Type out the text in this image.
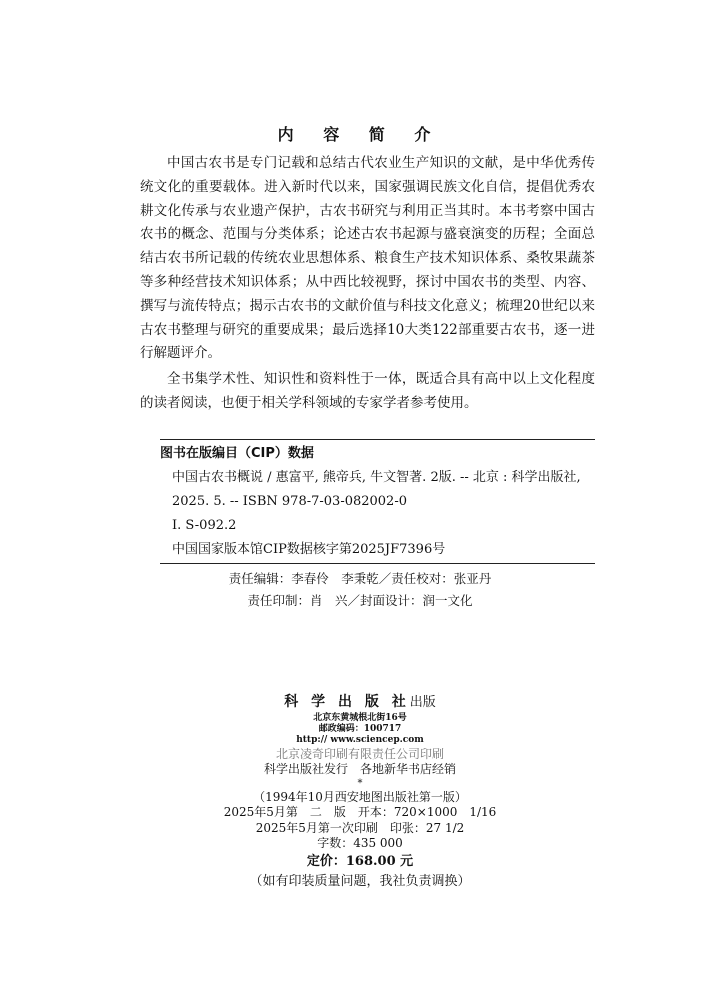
内 容 简 介

中国古农书是专门记载和总结古代农业生产知识的文献，是中华优秀传统文化的重要载体。进入新时代以来，国家强调民族文化自信，提倡优秀农耕文化传承与农业遗产保护，古农书研究与利用正当其时。本书考察中国古农书的概念、范围与分类体系；论述古农书起源与盛衰演变的历程；全面总结古农书所记载的传统农业思想体系、粮食生产技术知识体系、桑牧果蔬茶等多种经营技术知识体系；从中西比较视野，探讨中国农书的类型、内容、撰写与流传特点；揭示古农书的文献价值与科技文化意义；梳理20世纪以来古农书整理与研究的重要成果；最后选择10大类122部重要古农书，逐一进行解题评介。

全书集学术性、知识性和资料性于一体，既适合具有高中以上文化程度的读者阅读，也便于相关学科领域的专家学者参考使用。

图书在版编目（CIP）数据
中国古农书概说 / 惠富平, 熊帝兵, 牛文智著. 2版. -- 北京 : 科学出版社, 2025. 5. -- ISBN 978-7-03-082002-0
Ⅰ. S-092.2
中国国家版本馆CIP数据核字第2025JF7396号
责任编辑：李春伶　李秉乾／责任校对：张亚丹
责任印制：肖　兴／封面设计：润一文化
科 学 出 版 社出版
北京东黄城根北街16号
邮政编码：100717
http:// www.sciencep.com
北京凌奇印刷有限责任公司印刷
科学出版社发行　各地新华书店经销
*
（1994年10月西安地图出版社第一版）
2025年5月第　二　版　开本：720×1000　1/16
2025年5月第一次印刷　印张：27 1/2
字数：435 000
定价：168.00 元
（如有印装质量问题，我社负责调换）
